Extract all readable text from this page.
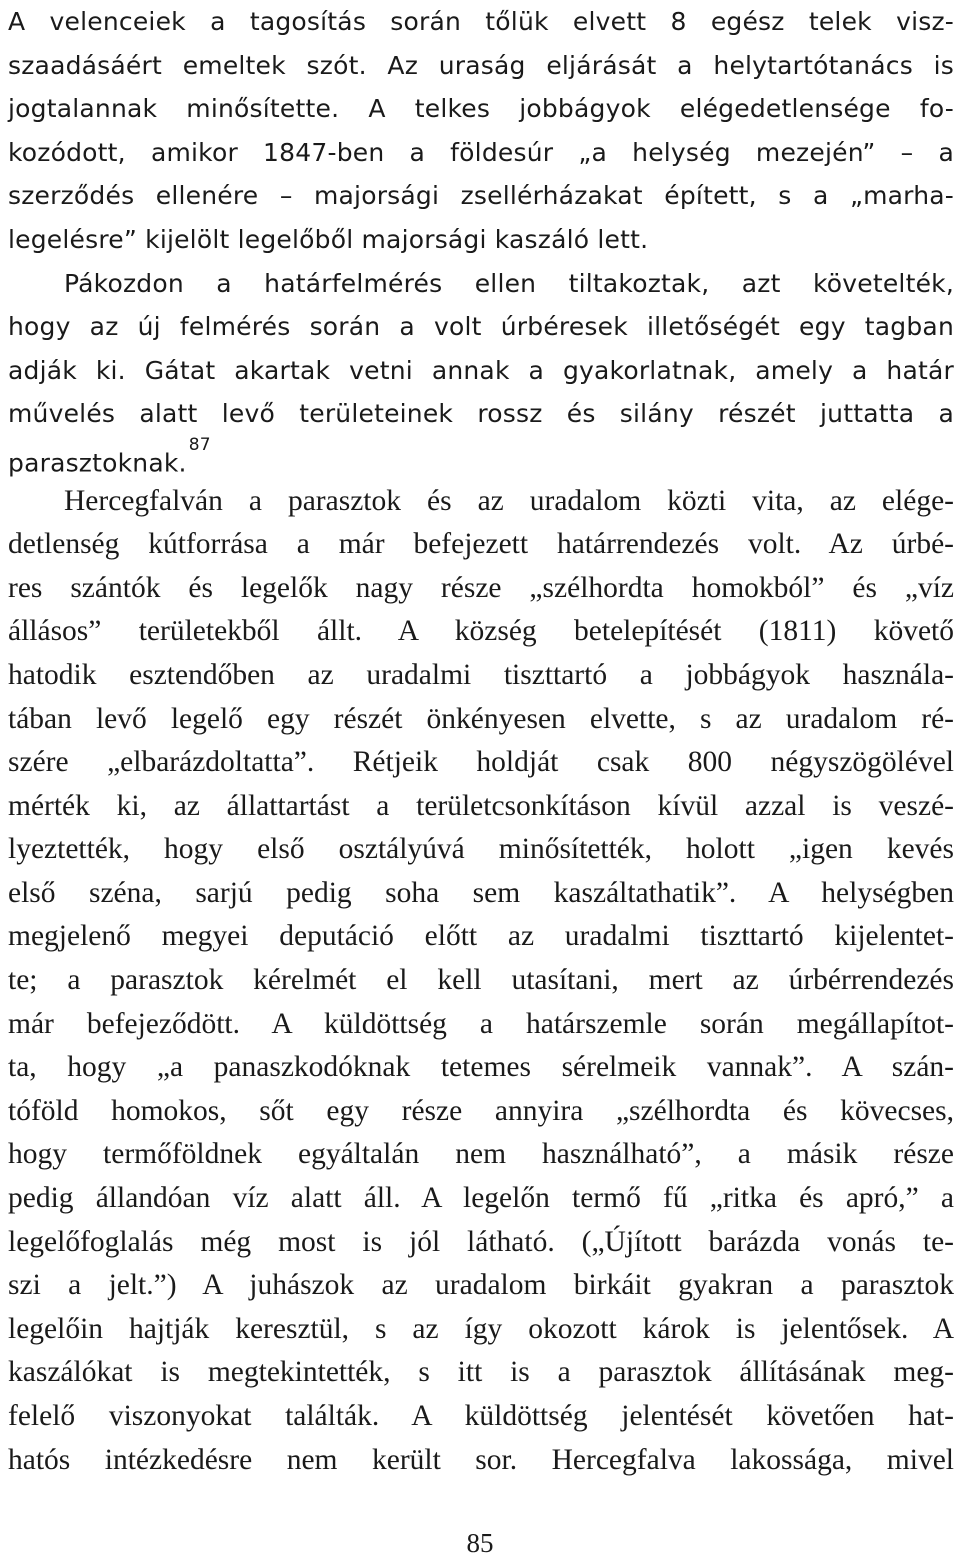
A velenceiek a tagosítás során tőlük elvett 8 egész telek visz-
szaadásáért emeltek szót. Az uraság eljárását a helytartótanács is
jogtalannak minősítette. A telkes jobbágyok elégedetlensége fo-
kozódott, amikor 1847-ben a földesúr „a helység mezején” – a
szerződés ellenére – majorsági zsellérházakat épített, s a „marha-
legelésre” kijelölt legelőből majorsági kaszáló lett.
Pákozdon a határfelmérés ellen tiltakoztak, azt követelték,
hogy az új felmérés során a volt úrbéresek illetőségét egy tagban
adják ki. Gátat akartak vetni annak a gyakorlatnak, amely a határ
művelés alatt levő területeinek rossz és silány részét juttatta a
parasztoknak.$^{87}$
Hercegfalván a parasztok és az uradalom közti vita, az elége-
detlenség kútforrása a már befejezett határrendezés volt. Az úrbé-
res szántók és legelők nagy része „szélhordta homokból” és „víz
állásos” területekből állt. A község betelepítését (1811) követő
hatodik esztendőben az uradalmi tiszttartó a jobbágyok használa-
tában levő legelő egy részét önkényesen elvette, s az uradalom ré-
szére „elbarázdoltatta”. Rétjeik holdját csak 800 négyszögölével
mérték ki, az állattartást a területcsonkításon kívül azzal is veszé-
lyeztették, hogy első osztályúvá minősítették, holott „igen kevés
első széna, sarjú pedig soha sem kaszáltathatik”. A helységben
megjelenő megyei deputáció előtt az uradalmi tiszttartó kijelentet-
te; a parasztok kérelmét el kell utasítani, mert az úrbérrendezés
már befejeződött. A küldöttség a határszemle során megállapítot-
ta, hogy „a panaszkodóknak tetemes sérelmeik vannak”. A szán-
tóföld homokos, sőt egy része annyira „szélhordta és kövecses,
hogy termőföldnek egyáltalán nem használható”, a másik része
pedig állandóan víz alatt áll. A legelőn termő fű „ritka és apró,” a
legelőfoglalás még most is jól látható. („Újított barázda vonás te-
szi a jelt.”) A juhászok az uradalom birkáit gyakran a parasztok
legelőin hajtják keresztül, s az így okozott károk is jelentősek. A
kaszálókat is megtekintették, s itt is a parasztok állításának meg-
felelő viszonyokat találták. A küldöttség jelentését követően hat-
hatós intézkedésre nem került sor. Hercegfalva lakossága, mivel
85
